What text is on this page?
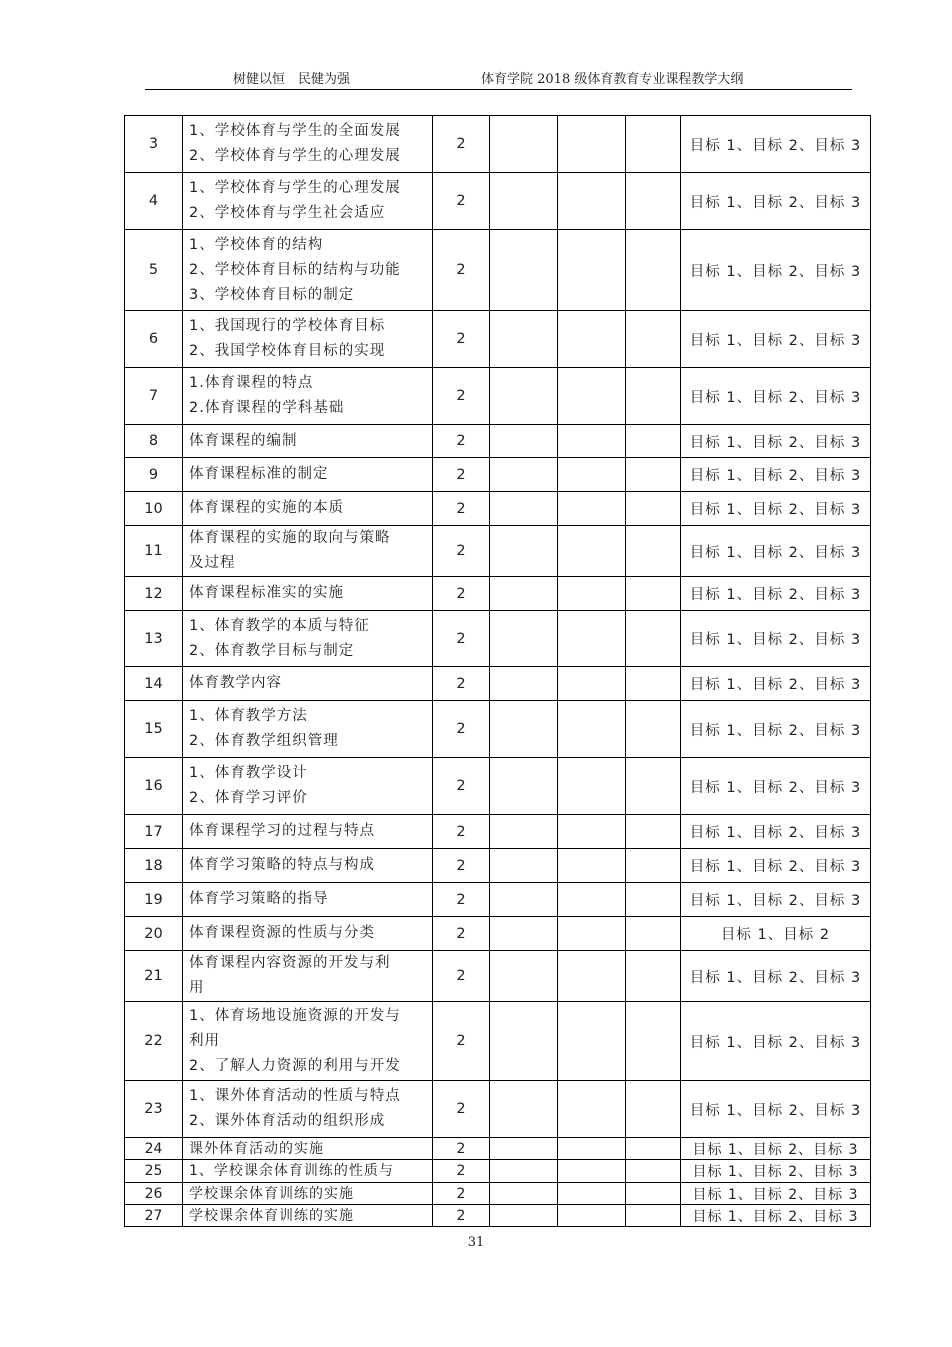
树健以恒　民健为强	体育学院 2018 级体育教育专业课程教学大纲
3	1、学校体育与学生的全面发展
2、学校体育与学生的心理发展	2				目标 1、目标 2、目标 3
4	1、学校体育与学生的心理发展
2、学校体育与学生社会适应	2				目标 1、目标 2、目标 3
5	1、学校体育的结构
2、学校体育目标的结构与功能
3、学校体育目标的制定	2				目标 1、目标 2、目标 3
6	1、我国现行的学校体育目标
2、我国学校体育目标的实现	2				目标 1、目标 2、目标 3
7	1.体育课程的特点
2.体育课程的学科基础	2				目标 1、目标 2、目标 3
8	体育课程的编制	2				目标 1、目标 2、目标 3
9	体育课程标准的制定	2				目标 1、目标 2、目标 3
10	体育课程的实施的本质	2				目标 1、目标 2、目标 3
11	体育课程的实施的取向与策略
及过程	2				目标 1、目标 2、目标 3
12	体育课程标准实的实施	2				目标 1、目标 2、目标 3
13	1、体育教学的本质与特征
2、体育教学目标与制定	2				目标 1、目标 2、目标 3
14	体育教学内容	2				目标 1、目标 2、目标 3
15	1、体育教学方法
2、体育教学组织管理	2				目标 1、目标 2、目标 3
16	1、体育教学设计
2、体育学习评价	2				目标 1、目标 2、目标 3
17	体育课程学习的过程与特点	2				目标 1、目标 2、目标 3
18	体育学习策略的特点与构成	2				目标 1、目标 2、目标 3
19	体育学习策略的指导	2				目标 1、目标 2、目标 3
20	体育课程资源的性质与分类	2				目标 1、目标 2
21	体育课程内容资源的开发与利
用	2				目标 1、目标 2、目标 3
22	1、体育场地设施资源的开发与
利用
2、了解人力资源的利用与开发	2				目标 1、目标 2、目标 3
23	1、课外体育活动的性质与特点
2、课外体育活动的组织形成	2				目标 1、目标 2、目标 3
24	课外体育活动的实施	2				目标 1、目标 2、目标 3
25	1、学校课余体育训练的性质与	2				目标 1、目标 2、目标 3
26	学校课余体育训练的实施	2				目标 1、目标 2、目标 3
27	学校课余体育训练的实施	2				目标 1、目标 2、目标 3
31
